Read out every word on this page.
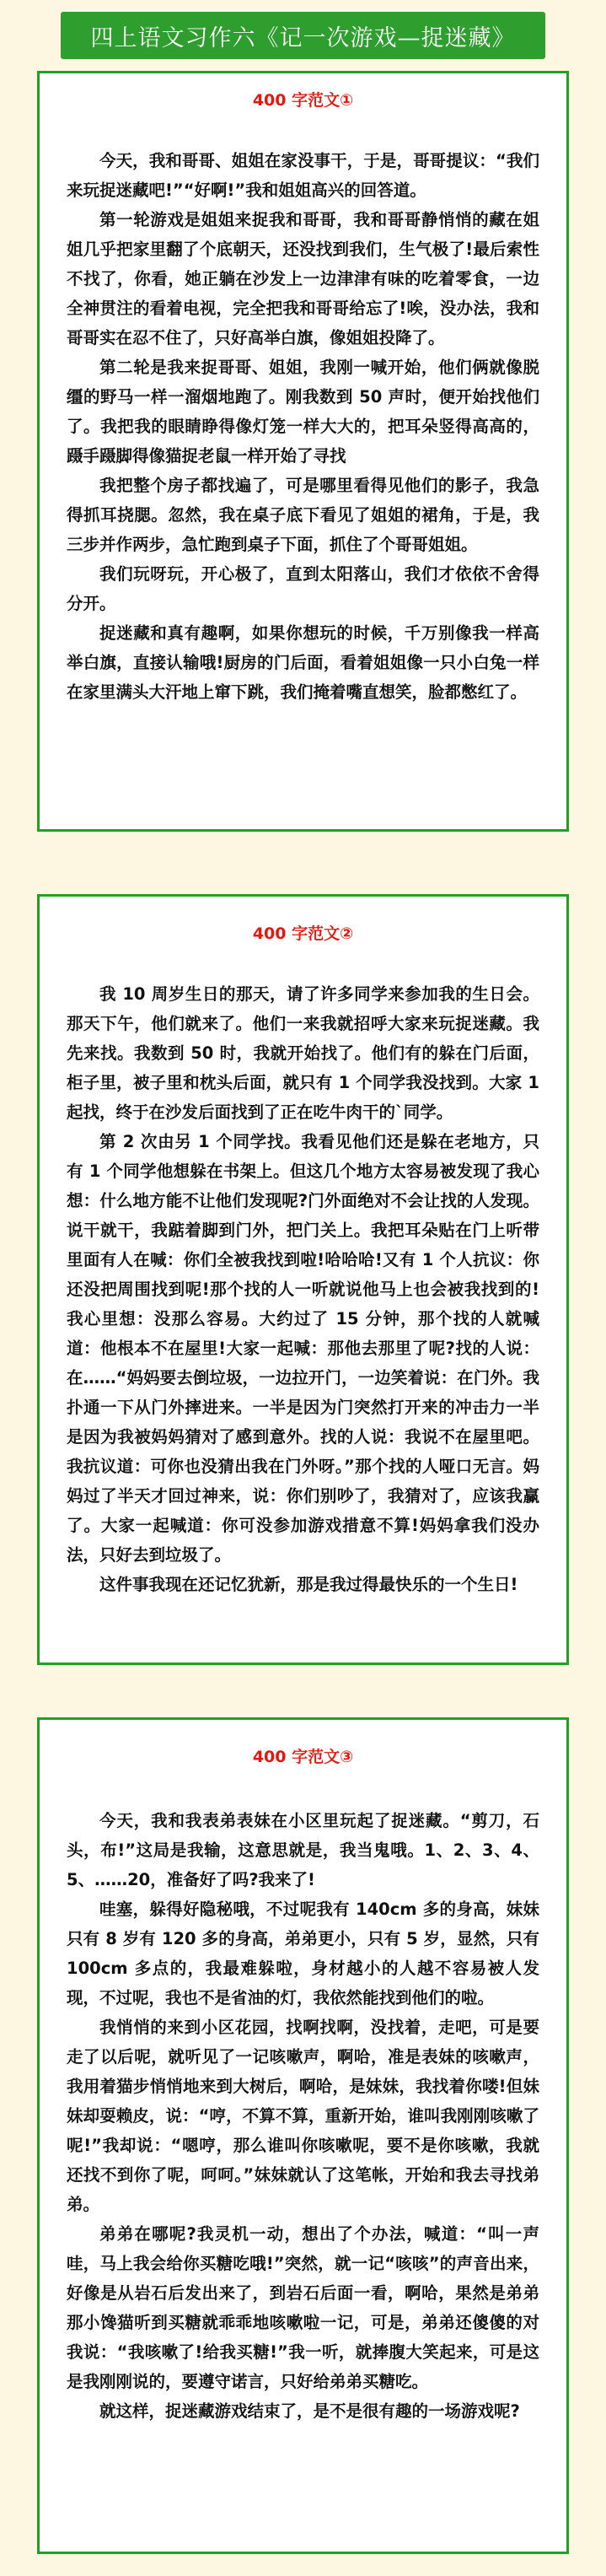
四上语文习作六《记一次游戏—捉迷藏》
400 字范文①

今天，我和哥哥、姐姐在家没事干，于是，哥哥提议：“我们来玩捉迷藏吧!”“好啊!”我和姐姐高兴的回答道。

第一轮游戏是姐姐来捉我和哥哥，我和哥哥静悄悄的藏在姐姐几乎把家里翻了个底朝天，还没找到我们，生气极了!最后索性不找了，你看，她正躺在沙发上一边津津有味的吃着零食，一边全神贯注的看着电视，完全把我和哥哥给忘了!唉，没办法，我和哥哥实在忍不住了，只好高举白旗，像姐姐投降了。

第二轮是我来捉哥哥、姐姐，我刚一喊开始，他们俩就像脱缰的野马一样一溜烟地跑了。刚我数到 50 声时，便开始找他们了。我把我的眼睛睁得像灯笼一样大大的，把耳朵竖得高高的，蹑手蹑脚得像猫捉老鼠一样开始了寻找

我把整个房子都找遍了，可是哪里看得见他们的影子，我急得抓耳挠腮。忽然，我在桌子底下看见了姐姐的裙角，于是，我三步并作两步，急忙跑到桌子下面，抓住了个哥哥姐姐。

我们玩呀玩，开心极了，直到太阳落山，我们才依依不舍得分开。

捉迷藏和真有趣啊，如果你想玩的时候，千万别像我一样高举白旗，直接认输哦!厨房的门后面，看着姐姐像一只小白兔一样在家里满头大汗地上窜下跳，我们掩着嘴直想笑，脸都憋红了。

400 字范文②

我 10 周岁生日的那天，请了许多同学来参加我的生日会。那天下午，他们就来了。他们一来我就招呼大家来玩捉迷藏。我先来找。我数到 50 时，我就开始找了。他们有的躲在门后面，柜子里，被子里和枕头后面，就只有 1 个同学我没找到。大家 1 起找，终于在沙发后面找到了正在吃牛肉干的`同学。

第 2 次由另 1 个同学找。我看见他们还是躲在老地方，只有 1 个同学他想躲在书架上。但这几个地方太容易被发现了我心想：什么地方能不让他们发现呢?门外面绝对不会让找的人发现。说干就干，我踮着脚到门外，把门关上。我把耳朵贴在门上听带里面有人在喊：你们全被我找到啦!哈哈哈!又有 1 个人抗议：你还没把周围找到呢!那个找的人一听就说他马上也会被我找到的!我心里想：没那么容易。大约过了 15 分钟，那个找的人就喊道：他根本不在屋里!大家一起喊：那他去那里了呢?找的人说：在……“妈妈要去倒垃圾，一边拉开门，一边笑着说：在门外。我扑通一下从门外摔进来。一半是因为门突然打开来的冲击力一半是因为我被妈妈猜对了感到意外。找的人说：我说不在屋里吧。我抗议道：可你也没猜出我在门外呀。”那个找的人哑口无言。妈妈过了半天才回过神来，说：你们别吵了，我猜对了，应该我赢了。大家一起喊道：你可没参加游戏措意不算!妈妈拿我们没办法，只好去到垃圾了。

这件事我现在还记忆犹新，那是我过得最快乐的一个生日!

400 字范文③

今天，我和我表弟表妹在小区里玩起了捉迷藏。“剪刀，石头，布!”这局是我输，这意思就是，我当鬼哦。1、2、3、4、5、……20，准备好了吗?我来了!

哇塞，躲得好隐秘哦，不过呢我有 140cm 多的身高，妹妹只有 8 岁有 120 多的身高，弟弟更小，只有 5 岁，显然，只有 100cm 多点的，我最难躲啦，身材越小的人越不容易被人发现，不过呢，我也不是省油的灯，我依然能找到他们的啦。

我悄悄的来到小区花园，找啊找啊，没找着，走吧，可是要走了以后呢，就听见了一记咳嗽声，啊哈，准是表妹的咳嗽声，我用着猫步悄悄地来到大树后，啊哈，是妹妹，我找着你喽!但妹妹却耍赖皮，说：“哼，不算不算，重新开始，谁叫我刚刚咳嗽了呢!”我却说：“嗯哼，那么谁叫你咳嗽呢，要不是你咳嗽，我就还找不到你了呢，呵呵。”妹妹就认了这笔帐，开始和我去寻找弟弟。

弟弟在哪呢?我灵机一动，想出了个办法，喊道：“叫一声哇，马上我会给你买糖吃哦!”突然，就一记“咳咳”的声音出来，好像是从岩石后发出来了，到岩石后面一看，啊哈，果然是弟弟那小馋猫听到买糖就乖乖地咳嗽啦一记，可是，弟弟还傻傻的对我说：“我咳嗽了!给我买糖!”我一听，就捧腹大笑起来，可是这是我刚刚说的，要遵守诺言，只好给弟弟买糖吃。

就这样，捉迷藏游戏结束了，是不是很有趣的一场游戏呢?
